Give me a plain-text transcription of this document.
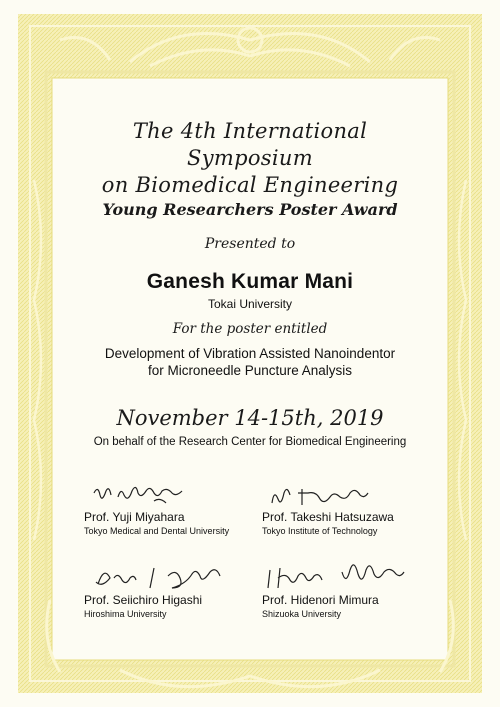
The 4th International
Symposium
on Biomedical Engineering
Young Researchers Poster Award
Presented to
Ganesh Kumar Mani
Tokai University
For the poster entitled
Development of Vibration Assisted Nanoindentor
for Microneedle Puncture Analysis
November 14-15th, 2019
On behalf of the Research Center for Biomedical Engineering
Prof. Yuji Miyahara
Tokyo Medical and Dental University
Prof. Takeshi Hatsuzawa
Tokyo Institute of Technology
Prof. Seiichiro Higashi
Hiroshima University
Prof. Hidenori Mimura
Shizuoka University
